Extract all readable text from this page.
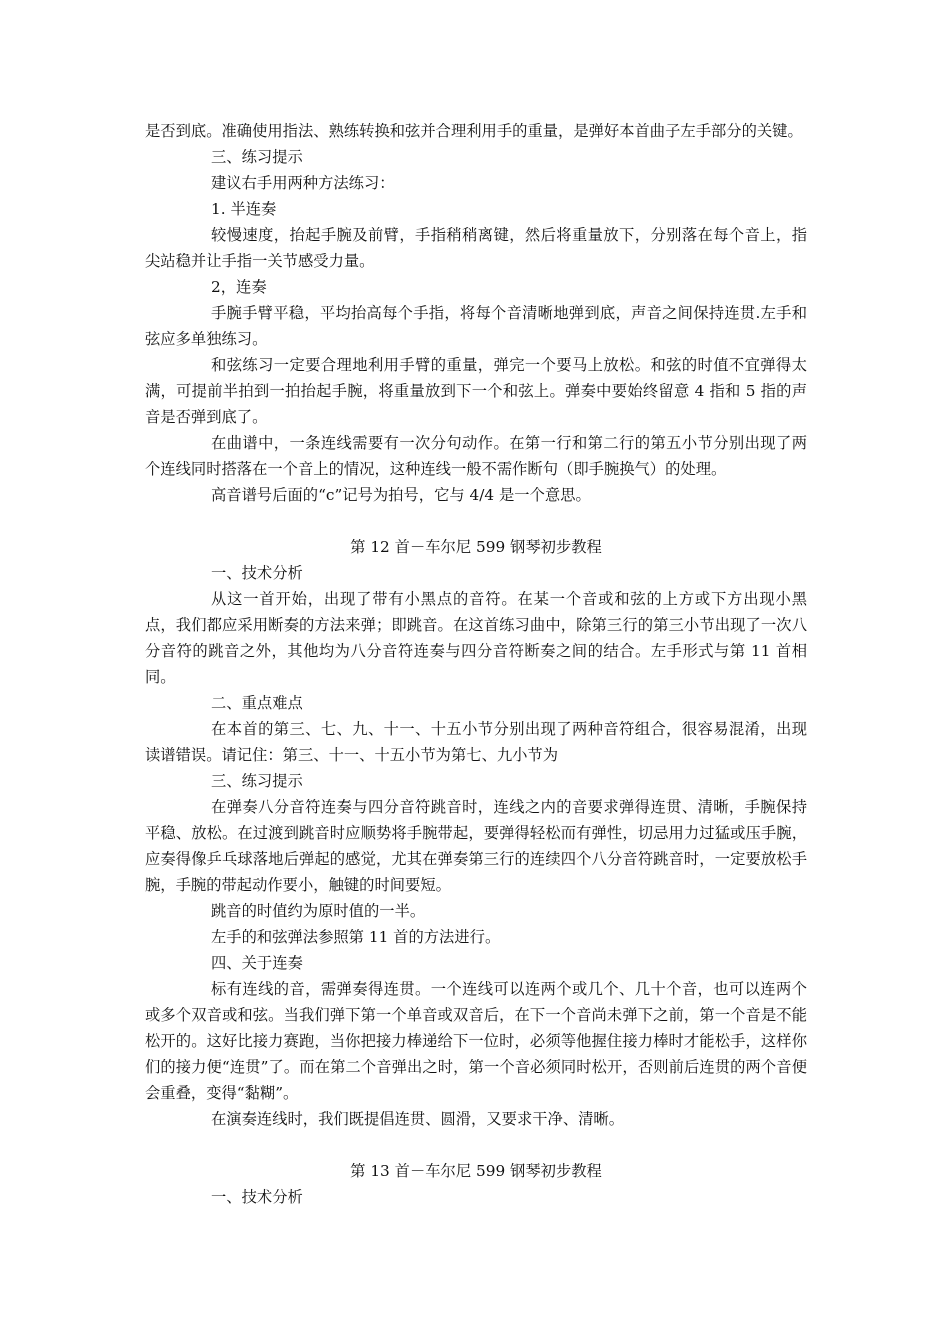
是否到底。准确使用指法、熟练转换和弦并合理利用手的重量，是弹好本首曲子左手部分的关键。

三、练习提示

建议右手用两种方法练习：

1. 半连奏

较慢速度，抬起手腕及前臂，手指稍稍离键，然后将重量放下，分别落在每个音上，指尖站稳并让手指一关节感受力量。

2，连奏

手腕手臂平稳，平均抬高每个手指，将每个音清晰地弹到底，声音之间保持连贯.左手和弦应多单独练习。

和弦练习一定要合理地利用手臂的重量，弹完一个要马上放松。和弦的时值不宜弹得太满，可提前半拍到一拍抬起手腕，将重量放到下一个和弦上。弹奏中要始终留意 4 指和 5 指的声音是否弹到底了。

在曲谱中，一条连线需要有一次分句动作。在第一行和第二行的第五小节分别出现了两个连线同时搭落在一个音上的情况，这种连线一般不需作断句（即手腕换气）的处理。

高音谱号后面的“c”记号为拍号，它与 4/4 是一个意思。

第 12 首－车尔尼 599 钢琴初步教程

一、技术分析

从这一首开始，出现了带有小黑点的音符。在某一个音或和弦的上方或下方出现小黑点，我们都应采用断奏的方法来弹；即跳音。在这首练习曲中，除第三行的第三小节出现了一次八分音符的跳音之外，其他均为八分音符连奏与四分音符断奏之间的结合。左手形式与第 11 首相同。

二、重点难点

在本首的第三、七、九、十一、十五小节分别出现了两种音符组合，很容易混淆，出现读谱错误。请记住：第三、十一、十五小节为第七、九小节为

三、练习提示

在弹奏八分音符连奏与四分音符跳音时，连线之内的音要求弹得连贯、清晰，手腕保持平稳、放松。在过渡到跳音时应顺势将手腕带起，要弹得轻松而有弹性，切忌用力过猛或压手腕，应奏得像乒乓球落地后弹起的感觉，尤其在弹奏第三行的连续四个八分音符跳音时，一定要放松手腕，手腕的带起动作要小，触键的时间要短。

跳音的时值约为原时值的一半。

左手的和弦弹法参照第 11 首的方法进行。

四、关于连奏

标有连线的音，需弹奏得连贯。一个连线可以连两个或几个、几十个音，也可以连两个或多个双音或和弦。当我们弹下第一个单音或双音后，在下一个音尚未弹下之前，第一个音是不能松开的。这好比接力赛跑，当你把接力棒递给下一位时，必须等他握住接力棒时才能松手，这样你们的接力便“连贯”了。而在第二个音弹出之时，第一个音必须同时松开，否则前后连贯的两个音便会重叠，变得“黏糊”。

在演奏连线时，我们既提倡连贯、圆滑，又要求干净、清晰。

第 13 首－车尔尼 599 钢琴初步教程

一、技术分析
